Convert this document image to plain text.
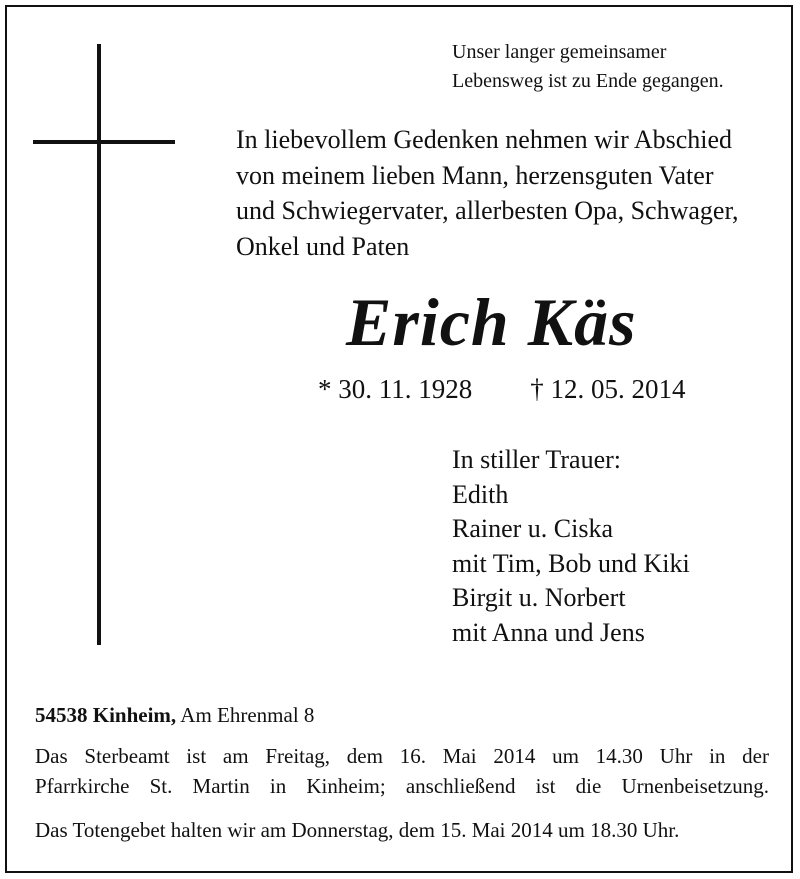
Unser langer gemeinsamer
Lebensweg ist zu Ende gegangen.
In liebevollem Gedenken nehmen wir Abschied
von meinem lieben Mann, herzensguten Vater
und Schwiegervater, allerbesten Opa, Schwager,
Onkel und Paten
Erich Käs
* 30. 11. 1928 † 12. 05. 2014
In stiller Trauer:
Edith
Rainer u. Ciska
mit Tim, Bob und Kiki
Birgit u. Norbert
mit Anna und Jens
54538 Kinheim, Am Ehrenmal 8
Das Sterbeamt ist am Freitag, dem 16. Mai 2014 um 14.30 Uhr in der
Pfarrkirche St. Martin in Kinheim; anschließend ist die Urnenbeisetzung.
Das Totengebet halten wir am Donnerstag, dem 15. Mai 2014 um 18.30 Uhr.
